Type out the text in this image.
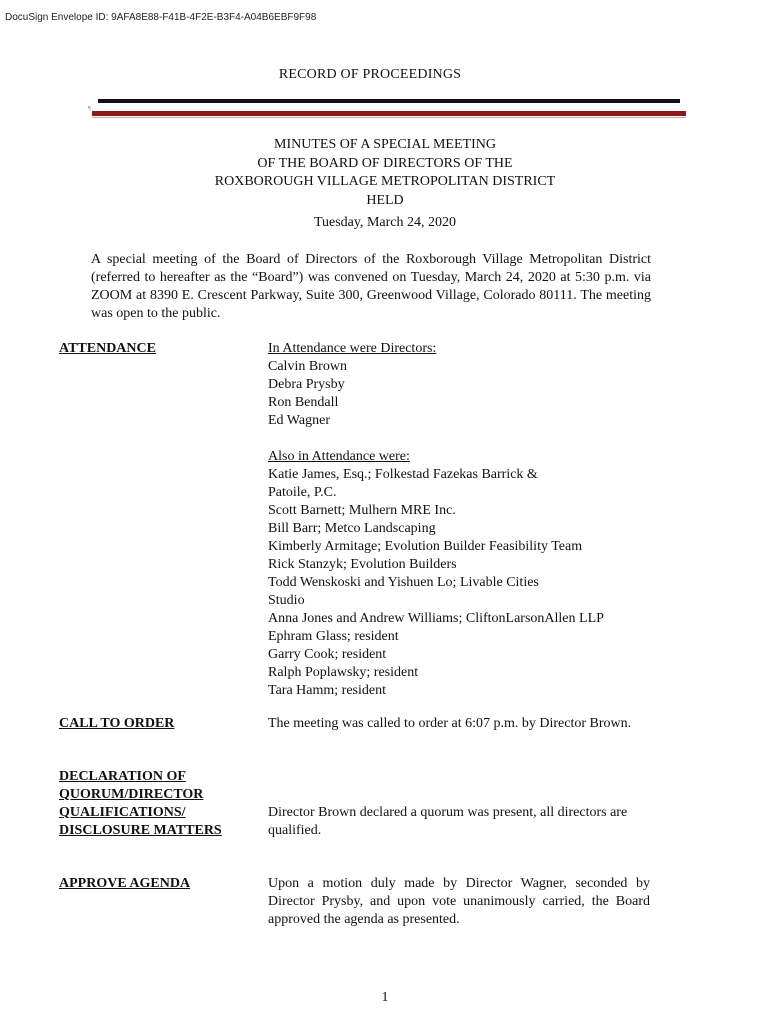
DocuSign Envelope ID: 9AFA8E88-F41B-4F2E-B3F4-A04B6EBF9F98
RECORD OF PROCEEDINGS
¶
MINUTES OF A SPECIAL MEETING
OF THE BOARD OF DIRECTORS OF THE
ROXBOROUGH VILLAGE METROPOLITAN DISTRICT
HELD
Tuesday, March 24, 2020
A special meeting of the Board of Directors of the Roxborough Village Metropolitan District (referred to hereafter as the “Board”) was convened on Tuesday, March 24, 2020 at 5:30 p.m. via ZOOM at 8390 E. Crescent Parkway, Suite 300, Greenwood Village, Colorado 80111. The meeting was open to the public.
ATTENDANCE	In Attendance were Directors:
Calvin Brown
Debra Prysby
Ron Bendall
Ed Wagner
Also in Attendance were:
Katie James, Esq.; Folkestad Fazekas Barrick &
Patoile, P.C.
Scott Barnett; Mulhern MRE Inc.
Bill Barr; Metco Landscaping
Kimberly Armitage; Evolution Builder Feasibility Team
Rick Stanzyk; Evolution Builders
Todd Wenskoski and Yishuen Lo; Livable Cities
Studio
Anna Jones and Andrew Williams; CliftonLarsonAllen LLP
Ephram Glass; resident
Garry Cook; resident
Ralph Poplawsky; resident
Tara Hamm; resident
CALL TO ORDER	The meeting was called to order at 6:07 p.m. by Director Brown.
DECLARATION OF
QUORUM/DIRECTOR
QUALIFICATIONS/
DISCLOSURE MATTERS
Director Brown declared a quorum was present, all directors are qualified.
APPROVE AGENDA	Upon a motion duly made by Director Wagner, seconded by Director Prysby, and upon vote unanimously carried, the Board approved the agenda as presented.
1
